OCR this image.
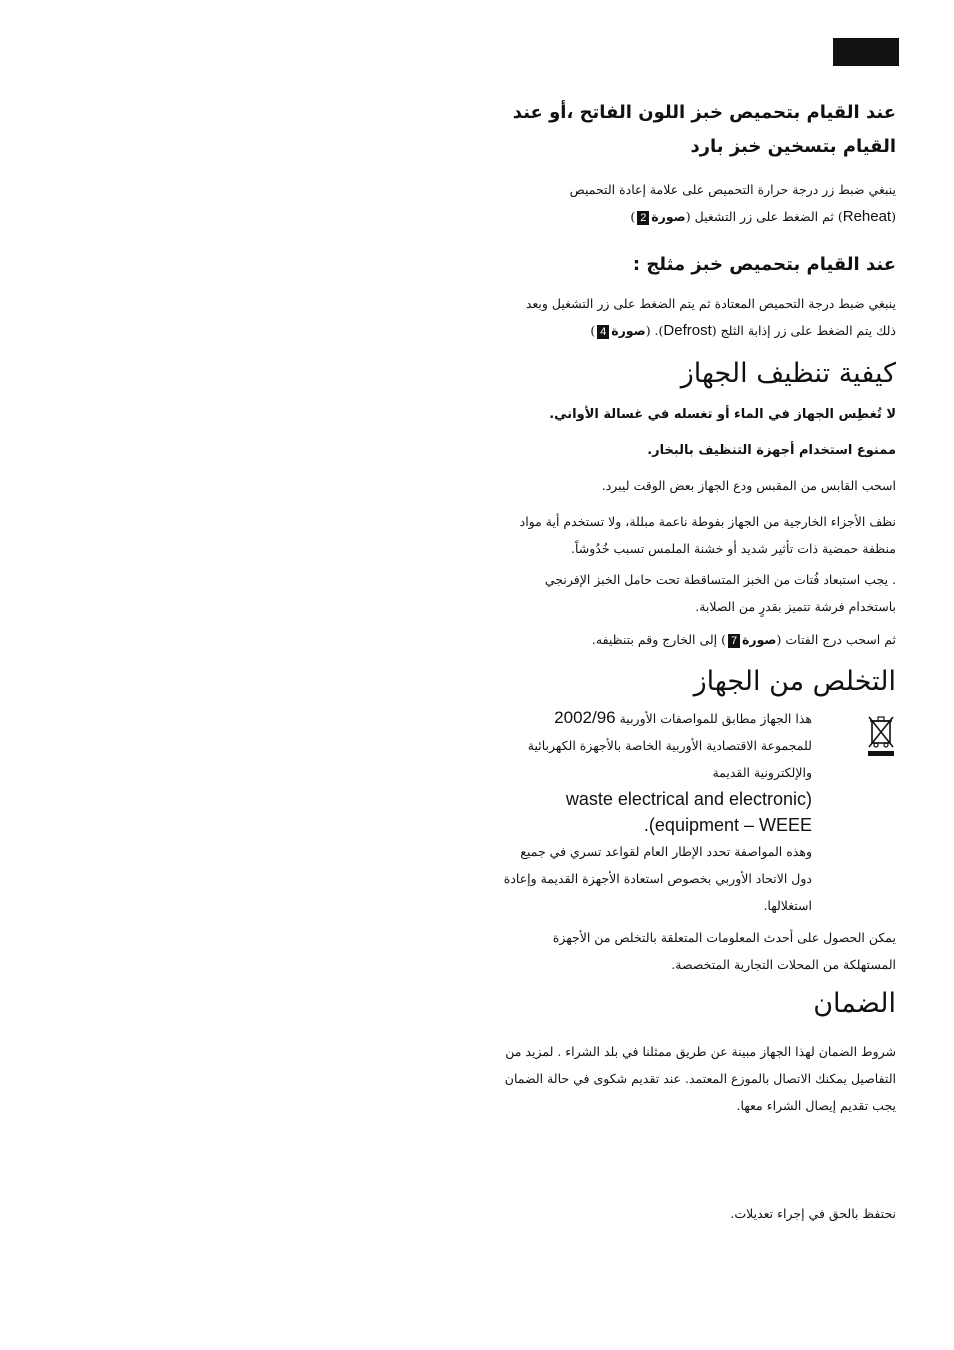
عند القيام بتحميص خبز اللون الفاتح ،أو عند القيام بتسخين خبز بارد
ينبغي ضبط زر درجة حرارة التحميص على علامة إعادة التحميص
(Reheat) ثم الضغط على زر التشغيل (صورة2)
عند القيام بتحميص خبز مثلج :
ينبغي ضبط درجة التحميص المعتادة ثم يتم الضغط على زر التشغيل وبعد
ذلك يتم الضغط على زر إذابة الثلج (Defrost). (صورة4)
كيفية تنظيف الجهاز
لا تُغطِس الجهاز في الماء أو تغسله في غسالة الأواني.
ممنوع استخدام أجهزة التنظيف بالبخار.
اسحب القابس من المقبس ودع الجهاز بعض الوقت ليبرد.
نظف الأجزاء الخارجية من الجهاز بفوطة ناعمة مبللة، ولا تستخدم أية مواد منظفة حمضية ذات تأثير شديد أو خشنة الملمس تسبب خُدُوشاً.
. يجب استبعاد فُتات من الخبز المتساقطة تحت حامل الخبز الإفرنجي باستخدام فرشة تتميز بقدرٍ من الصلابة.
ثم اسحب درج الفتات (صورة7) إلى الخارج وقم بتنظيفه.
التخلص من الجهاز
هذا الجهاز مطابق للمواصفات الأوربية 2002/96
للمجموعة الاقتصادية الأوربية الخاصة بالأجهزة الكهربائية والإلكترونية القديمة
waste electrical and electronic)
.(equipment – WEEE
وهذه المواصفة تحدد الإطار العام لقواعد تسري في جميع دول الاتحاد الأوربي بخصوص استعادة الأجهزة القديمة وإعادة استغلالها.
يمكن الحصول على أحدث المعلومات المتعلقة بالتخلص من الأجهزة المستهلكة من المحلات التجارية المتخصصة.
الضمان
شروط الضمان لهذا الجهاز مبينة عن طريق ممثلنا في بلد الشراء . لمزيد من التفاصيل يمكنك الاتصال بالموزع المعتمد. عند تقديم شكوى في حالة الضمان يجب تقديم إيصال الشراء معها.
نحتفظ بالحق في إجراء تعديلات.
